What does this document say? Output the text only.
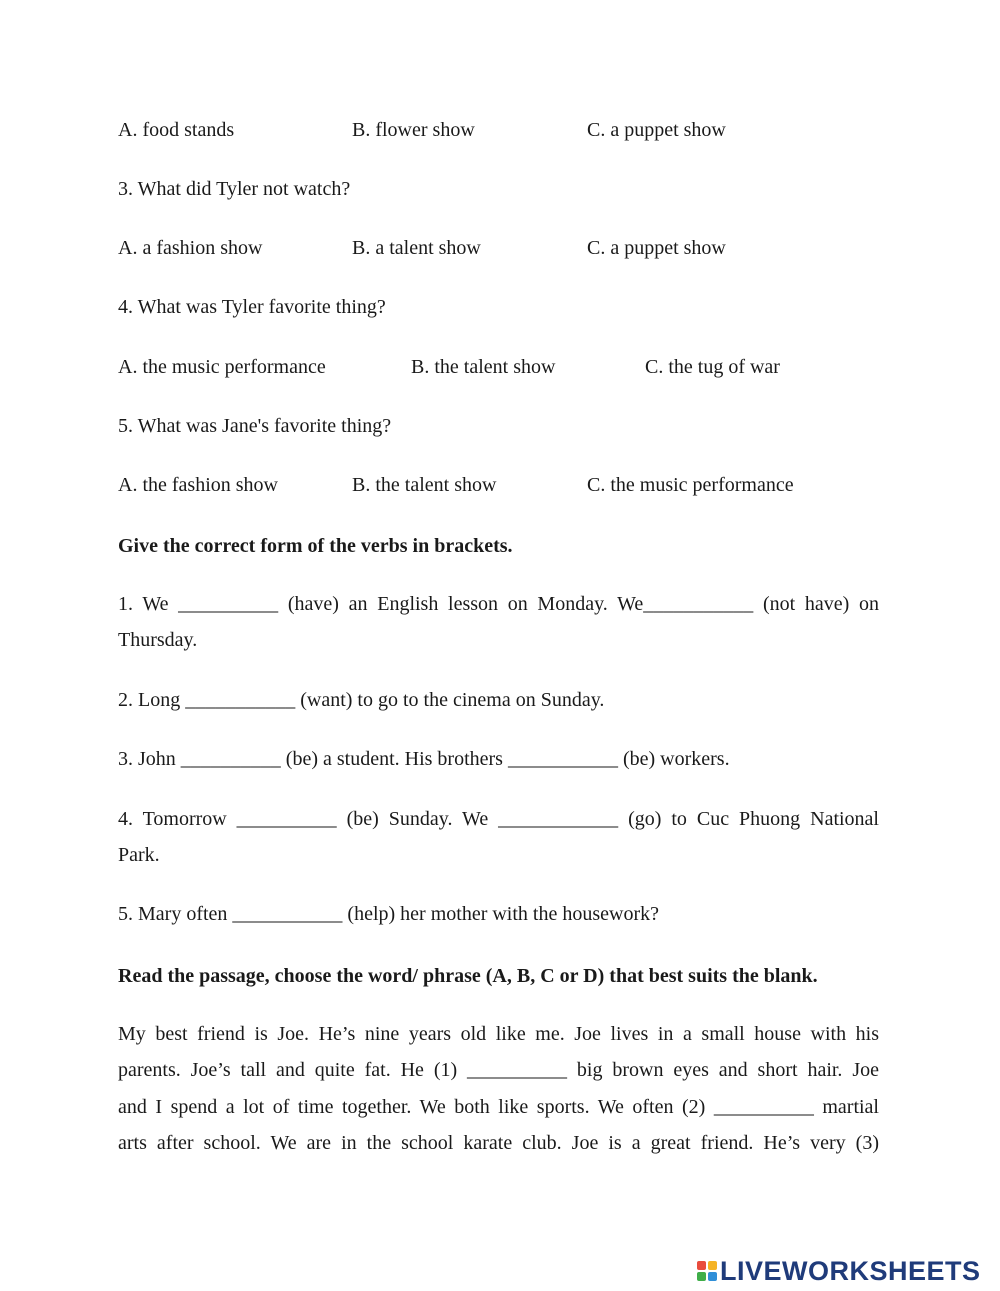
A. food stands	B. flower show	C. a puppet show
3. What did Tyler not watch?
A. a fashion show	B. a talent show	C. a puppet show
4. What was Tyler favorite thing?
A. the music performance	B. the talent show	C. the tug of war
5. What was Jane's favorite thing?
A. the fashion show	B. the talent show	C. the music performance
Give the correct form of the verbs in brackets.
1. We __________ (have) an English lesson on Monday. We___________ (not have) on
Thursday.
2. Long ___________ (want) to go to the cinema on Sunday.
3. John __________ (be) a student. His brothers ___________ (be) workers.
4. Tomorrow __________ (be) Sunday. We ____________ (go) to Cuc Phuong National
Park.
5. Mary often ___________ (help) her mother with the housework?
Read the passage, choose the word/ phrase (A, B, C or D) that best suits the blank.
My best friend is Joe. He’s nine years old like me. Joe lives in a small house with his
parents. Joe’s tall and quite fat. He (1) __________ big brown eyes and short hair. Joe
and I spend a lot of time together. We both like sports. We often (2) __________ martial
arts after school. We are in the school karate club. Joe is a great friend. He’s very (3)
LIVEWORKSHEETS
